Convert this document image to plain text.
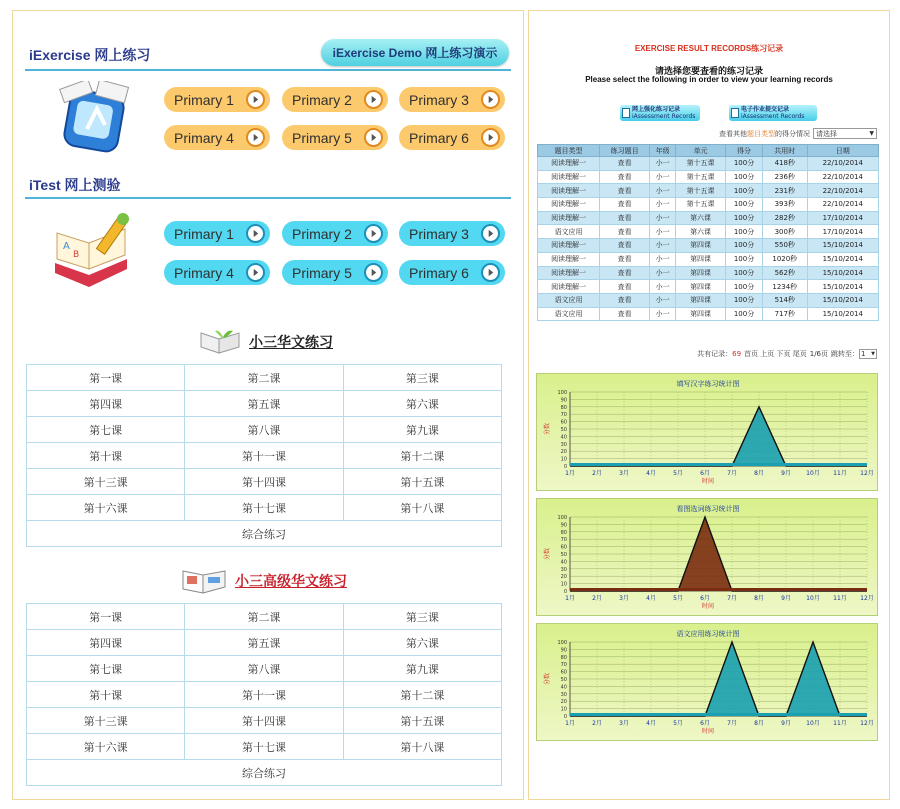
iExercise 网上练习	iExercise Demo 网上练习演示
Primary 1	Primary 2	Primary 3
Primary 4	Primary 5	Primary 6
iTest 网上测验
A
B
Primary 1	Primary 2	Primary 3
Primary 4	Primary 5	Primary 6
小三华文练习
第一课	第二课	第三课
第四课	第五课	第六课
第七课	第八课	第九课
第十课	第十一课	第十二课
第十三课	第十四课	第十五课
第十六课	第十七课	第十八课
综合练习		
小三高级华文练习
第一课	第二课	第三课
第四课	第五课	第六课
第七课	第八课	第九课
第十课	第十一课	第十二课
第十三课	第十四课	第十五课
第十六课	第十七课	第十八课
综合练习		
EXERCISE RESULT RECORDS练习记录
请选择您要查看的练习记录
Please select the following in order to view your learning records
网上强化练习记录
iAssessment Records
电子作业提交记录
iAssessment Records
查看其他 题目类型 的得分情况 请选择	▼
题目类型	练习题目	年级	单元	得分	共用时	日期
阅读理解一	查看	小一	第十五课	100分	418秒	22/10/2014
阅读理解一	查看	小一	第十五课	100分	236秒	22/10/2014
阅读理解一	查看	小一	第十五课	100分	231秒	22/10/2014
阅读理解一	查看	小一	第十五课	100分	393秒	22/10/2014
阅读理解一	查看	小一	第六课	100分	282秒	17/10/2014
语文应用	查看	小一	第六课	100分	300秒	17/10/2014
阅读理解一	查看	小一	第四课	100分	550秒	15/10/2014
阅读理解一	查看	小一	第四课	100分	1020秒	15/10/2014
阅读理解一	查看	小一	第四课	100分	562秒	15/10/2014
阅读理解一	查看	小一	第四课	100分	1234秒	15/10/2014
语文应用	查看	小一	第四课	100分	514秒	15/10/2014
语文应用	查看	小一	第四课	100分	717秒	15/10/2014
共有记录： 69 首页 上页 下页 尾页 1/6页 跳转至： 1 ▼
填写汉字练习统计图
0
10
20
30
40
50
60
70
80
90
100
1月	2月	3月	4月	5月	6月	7月	8月	9月	10月 11月 12月
时间
分数
看图选词练习统计图
0
10
20
30
40
50
60
70
80
90
100
1月	2月	3月	4月	5月	6月	7月	8月	9月	10月 11月 12月
时间
分数
语文应用练习统计图
0
10
20
30
40
50
60
70
80
90
100
1月	2月	3月	4月	5月	6月	7月	8月	9月	10月 11月 12月
时间
分数
